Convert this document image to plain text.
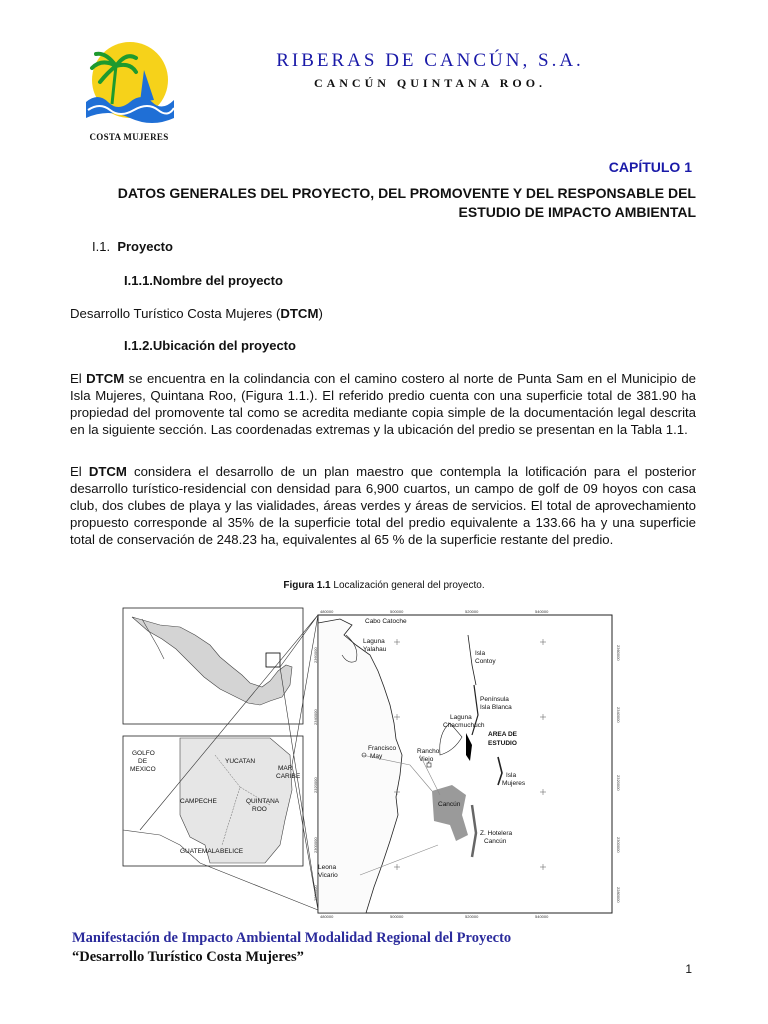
COSTA MUJERES
RIBERAS DE CANCÚN, S.A.
CANCÚN QUINTANA ROO.
CAPÍTULO 1
DATOS GENERALES DEL PROYECTO, DEL PROMOVENTE Y DEL RESPONSABLE DEL
ESTUDIO DE IMPACTO AMBIENTAL
I.1. Proyecto
I.1.1.Nombre del proyecto
Desarrollo Turístico Costa Mujeres (DTCM)
I.1.2.Ubicación del proyecto
El DTCM se encuentra en la colindancia con el camino costero al norte de Punta Sam en el Municipio de Isla Mujeres, Quintana Roo, (Figura 1.1.). El referido predio cuenta con una superficie total de 381.90 ha propiedad del promovente tal como se acredita mediante copia simple de la documentación legal descrita en la siguiente sección. Las coordenadas extremas y la ubicación del predio se presentan en la Tabla 1.1.
El DTCM considera el desarrollo de un plan maestro que contempla la lotificación para el posterior desarrollo turístico-residencial con densidad para 6,900 cuartos, un campo de golf de 09 hoyos con casa club, dos clubes de playa y las vialidades, áreas verdes y áreas de servicios. El total de aprovechamiento propuesto corresponde al 35% de la superficie total del predio equivalente a 133.66 ha y una superficie total de conservación de 248.23 ha, equivalentes al 65 % de la superficie restante del predio.
Figura 1.1 Localización general del proyecto.
YUCATAN
CAMPECHE	QUINTANA
ROO
GUATEMALA BELICE
GOLFO
DE
MEXICO	MAR
CARIBE
480000	500000	520000	540000
480000	500000	520000	540000
2360000
2340000
2320000
2300000
2280000
2360000
2340000
2320000
2300000
2280000
Cabo Catoche
Laguna
Yalahau
Isla
Contoy
Península
Isla Blanca
Laguna
Chacmuchuch
AREA DE
ESTUDIO
Francisco
May
Rancho
Viejo
Isla
Mujeres
Cancún
Z. Hotelera
Cancún
Leona
Vicario
Manifestación de Impacto Ambiental Modalidad Regional del Proyecto
“Desarrollo Turístico Costa Mujeres”
1
